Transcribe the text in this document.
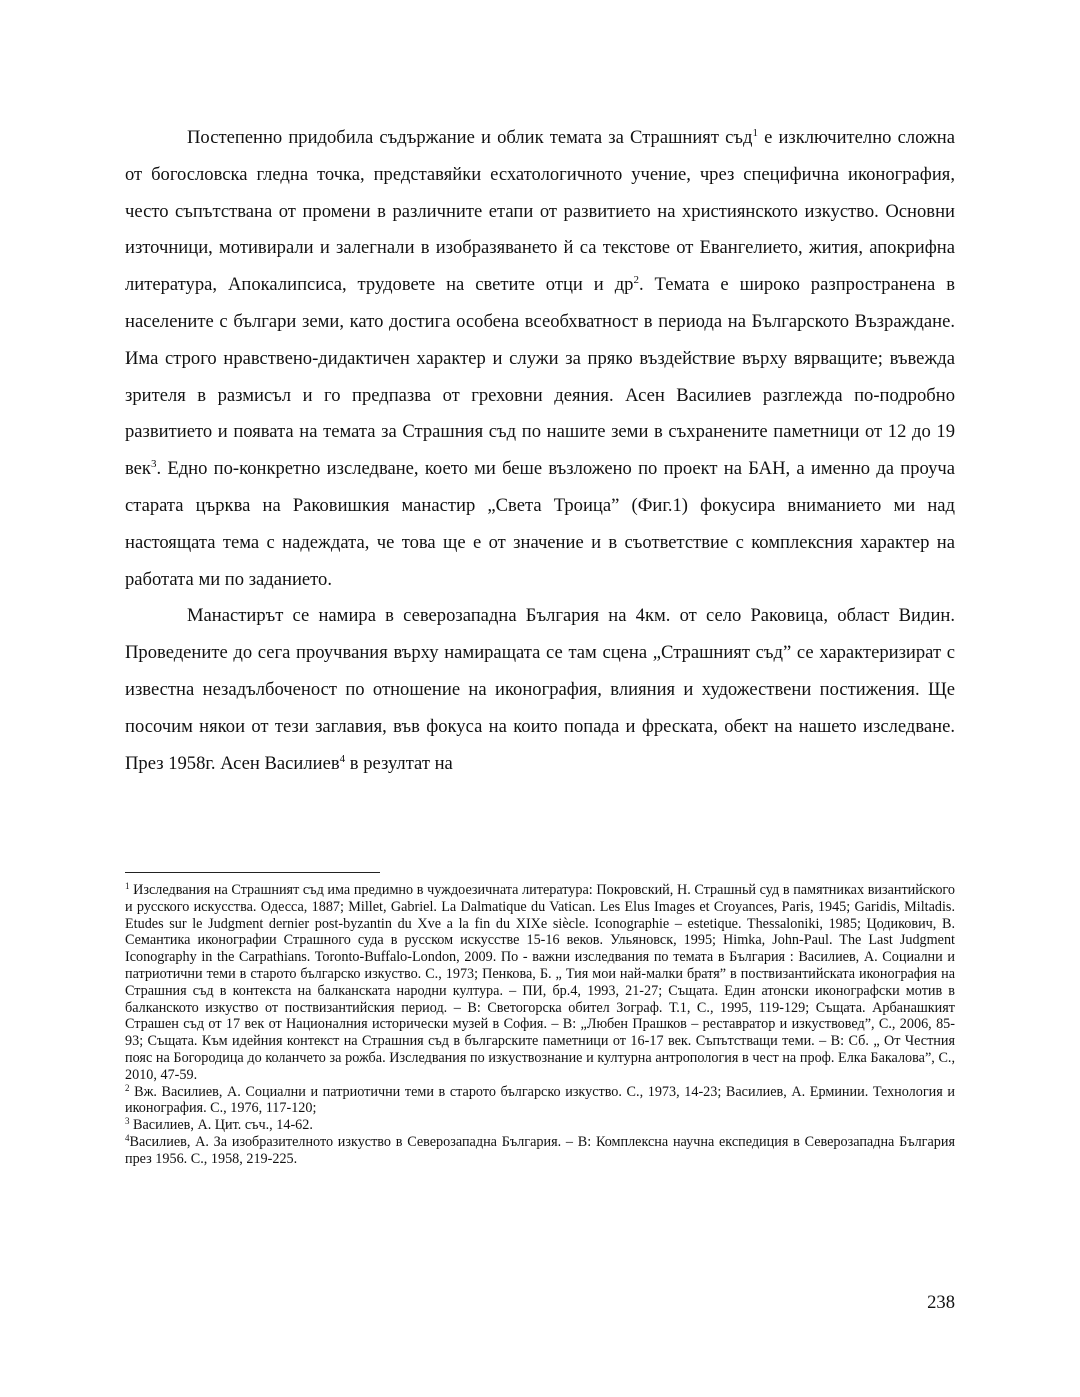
Постепенно придобила съдържание и облик темата за Страшният съд$^1$ е изключително сложна от богословска гледна точка, представяйки есхатологичното учение, чрез специфична иконография, често съпътствана от промени в различните етапи от развитието на християнското изкуство. Основни източници, мотивирали и залегнали в изобразяването й са текстове от Евангелието, жития, апокрифна литература, Апокалипсиса, трудовете на светите отци и $др^2$. Темата е широко разпространена в населените с българи земи, като достига особена всеобхватност в периода на Българското Възраждане. Има строго нравствено-дидактичен характер и служи за пряко въздействие върху вярващите; въвежда зрителя в размисъл и го предпазва от греховни деяния. Асен Василиев разглежда по-подробно развитието и появата на темата за Страшния съд по нашите земи в съхранените паметници от 12 до 19 век$^3$. Едно по-конкретно изследване, което ми беше възложено по проект на БАН, а именно да проуча старата църква на Раковишкия манастир „Света Троица” (Фиг.1) фокусира вниманието ми над настоящата тема с надеждата, че това ще е от значение и в съответствие с комплексния характер на работата ми по заданието.

Манастирът се намира в северозападна България на 4км. от село Раковица, област Видин. Проведените до сега проучвания върху намиращата се там сцена „Страшният съд” се характеризират с известна незадълбоченост по отношение на иконография, влияния и художествени постижения. Ще посочим някои от тези заглавия, във фокуса на които попада и фреската, обект на нашето изследване. През 1958г. Асен Василиев$^4$ в резултат на

$^1$ Изследвания на Страшният съд има предимно в чуждоезичната литература: Покровский, Н. Страшньй суд в памятниках византийского и русского искусства. Одесса, 1887; Millet, Gabriel. La Dalmatique du Vatican. Les Elus Images et Croyances, Paris, 1945; Garidis, Miltadis. Etudes sur le Judgment dernier post-byzantin du Xve a la fin du XIXe siècle. Iconographie – estetique. Thessaloniki, 1985; Цодикович, В. Семантика иконографии Страшного суда в русском искусстве 15-16 веков. Ульяновск, 1995; Himka, John-Paul. The Last Judgment Iconography in the Carpathians. Toronto-Buffalo-London, 2009. По - важни изследвания по темата в България : Василиев, А. Социални и патриотични теми в старото българско изкуство. С., 1973; Пенкова, Б. „ Тия мои най-малки братя” в поствизантийската иконография на Страшния съд в контекста на балканската народни култура. – ПИ, бр.4, 1993, 21-27; Същата. Един атонски иконографски мотив в балканското изкуство от поствизантийския период. – В: Светогорска обител Зограф. Т.1, С., 1995, 119-129; Същата. Арбанашкият Страшен съд от 17 век от Националния исторически музей в София. – В: „Любен Прашков – реставратор и изкуствовед”, С., 2006, 85-93; Същата. Към идейния контекст на Страшния съд в българските паметници от 16-17 век. Съпътстващи теми. – В: Сб. „ От Честния пояс на Богородица до коланчето за рожба. Изследвания по изкуствознание и културна антропология в чест на проф. Елка Бакалова”, С., 2010, 47-59.

$^2$ Вж. Василиев, А. Социални и патриотични теми в старото българско изкуство. С., 1973, 14-23; Василиев, А. Ерминии. Технология и иконография. С., 1976, 117-120;

$^3$ Василиев, А. Цит. съч., 14-62.

$^4$Василиев, А. За изобразителното изкуство в Северозападна България. – В: Комплексна научна експедиция в Северозападна България през 1956. С., 1958, 219-225.

238
